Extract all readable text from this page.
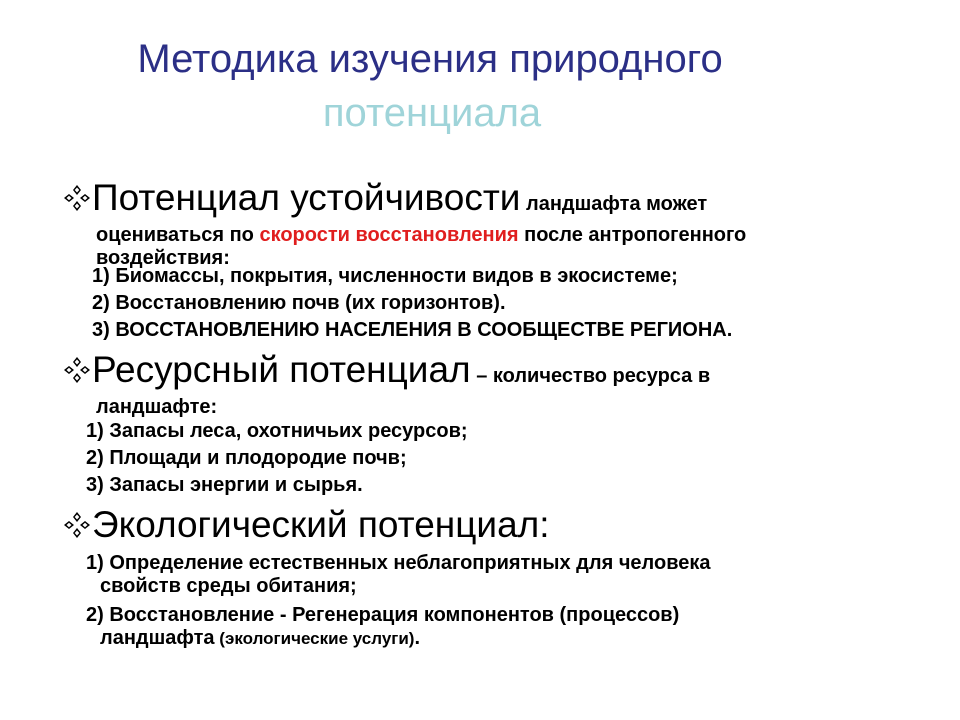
Методика изучения природного
потенциала
Потенциал устойчивости ландшафта может
оцениваться по скорости восстановления после антропогенного
воздействия:
1) Биомассы, покрытия, численности видов в экосистеме;
2) Восстановлению почв (их горизонтов).
3) ВОССТАНОВЛЕНИЮ НАСЕЛЕНИЯ В СООБЩЕСТВЕ РЕГИОНА.
Ресурсный потенциал – количество ресурса в
ландшафте:
1) Запасы леса, охотничьих ресурсов;
2) Площади и плодородие почв;
3) Запасы энергии и сырья.
Экологический потенциал:
1) Определение естественных неблагоприятных для человека
свойств среды обитания;
2) Восстановление - Регенерация компонентов (процессов)
ландшафта (экологические услуги).
